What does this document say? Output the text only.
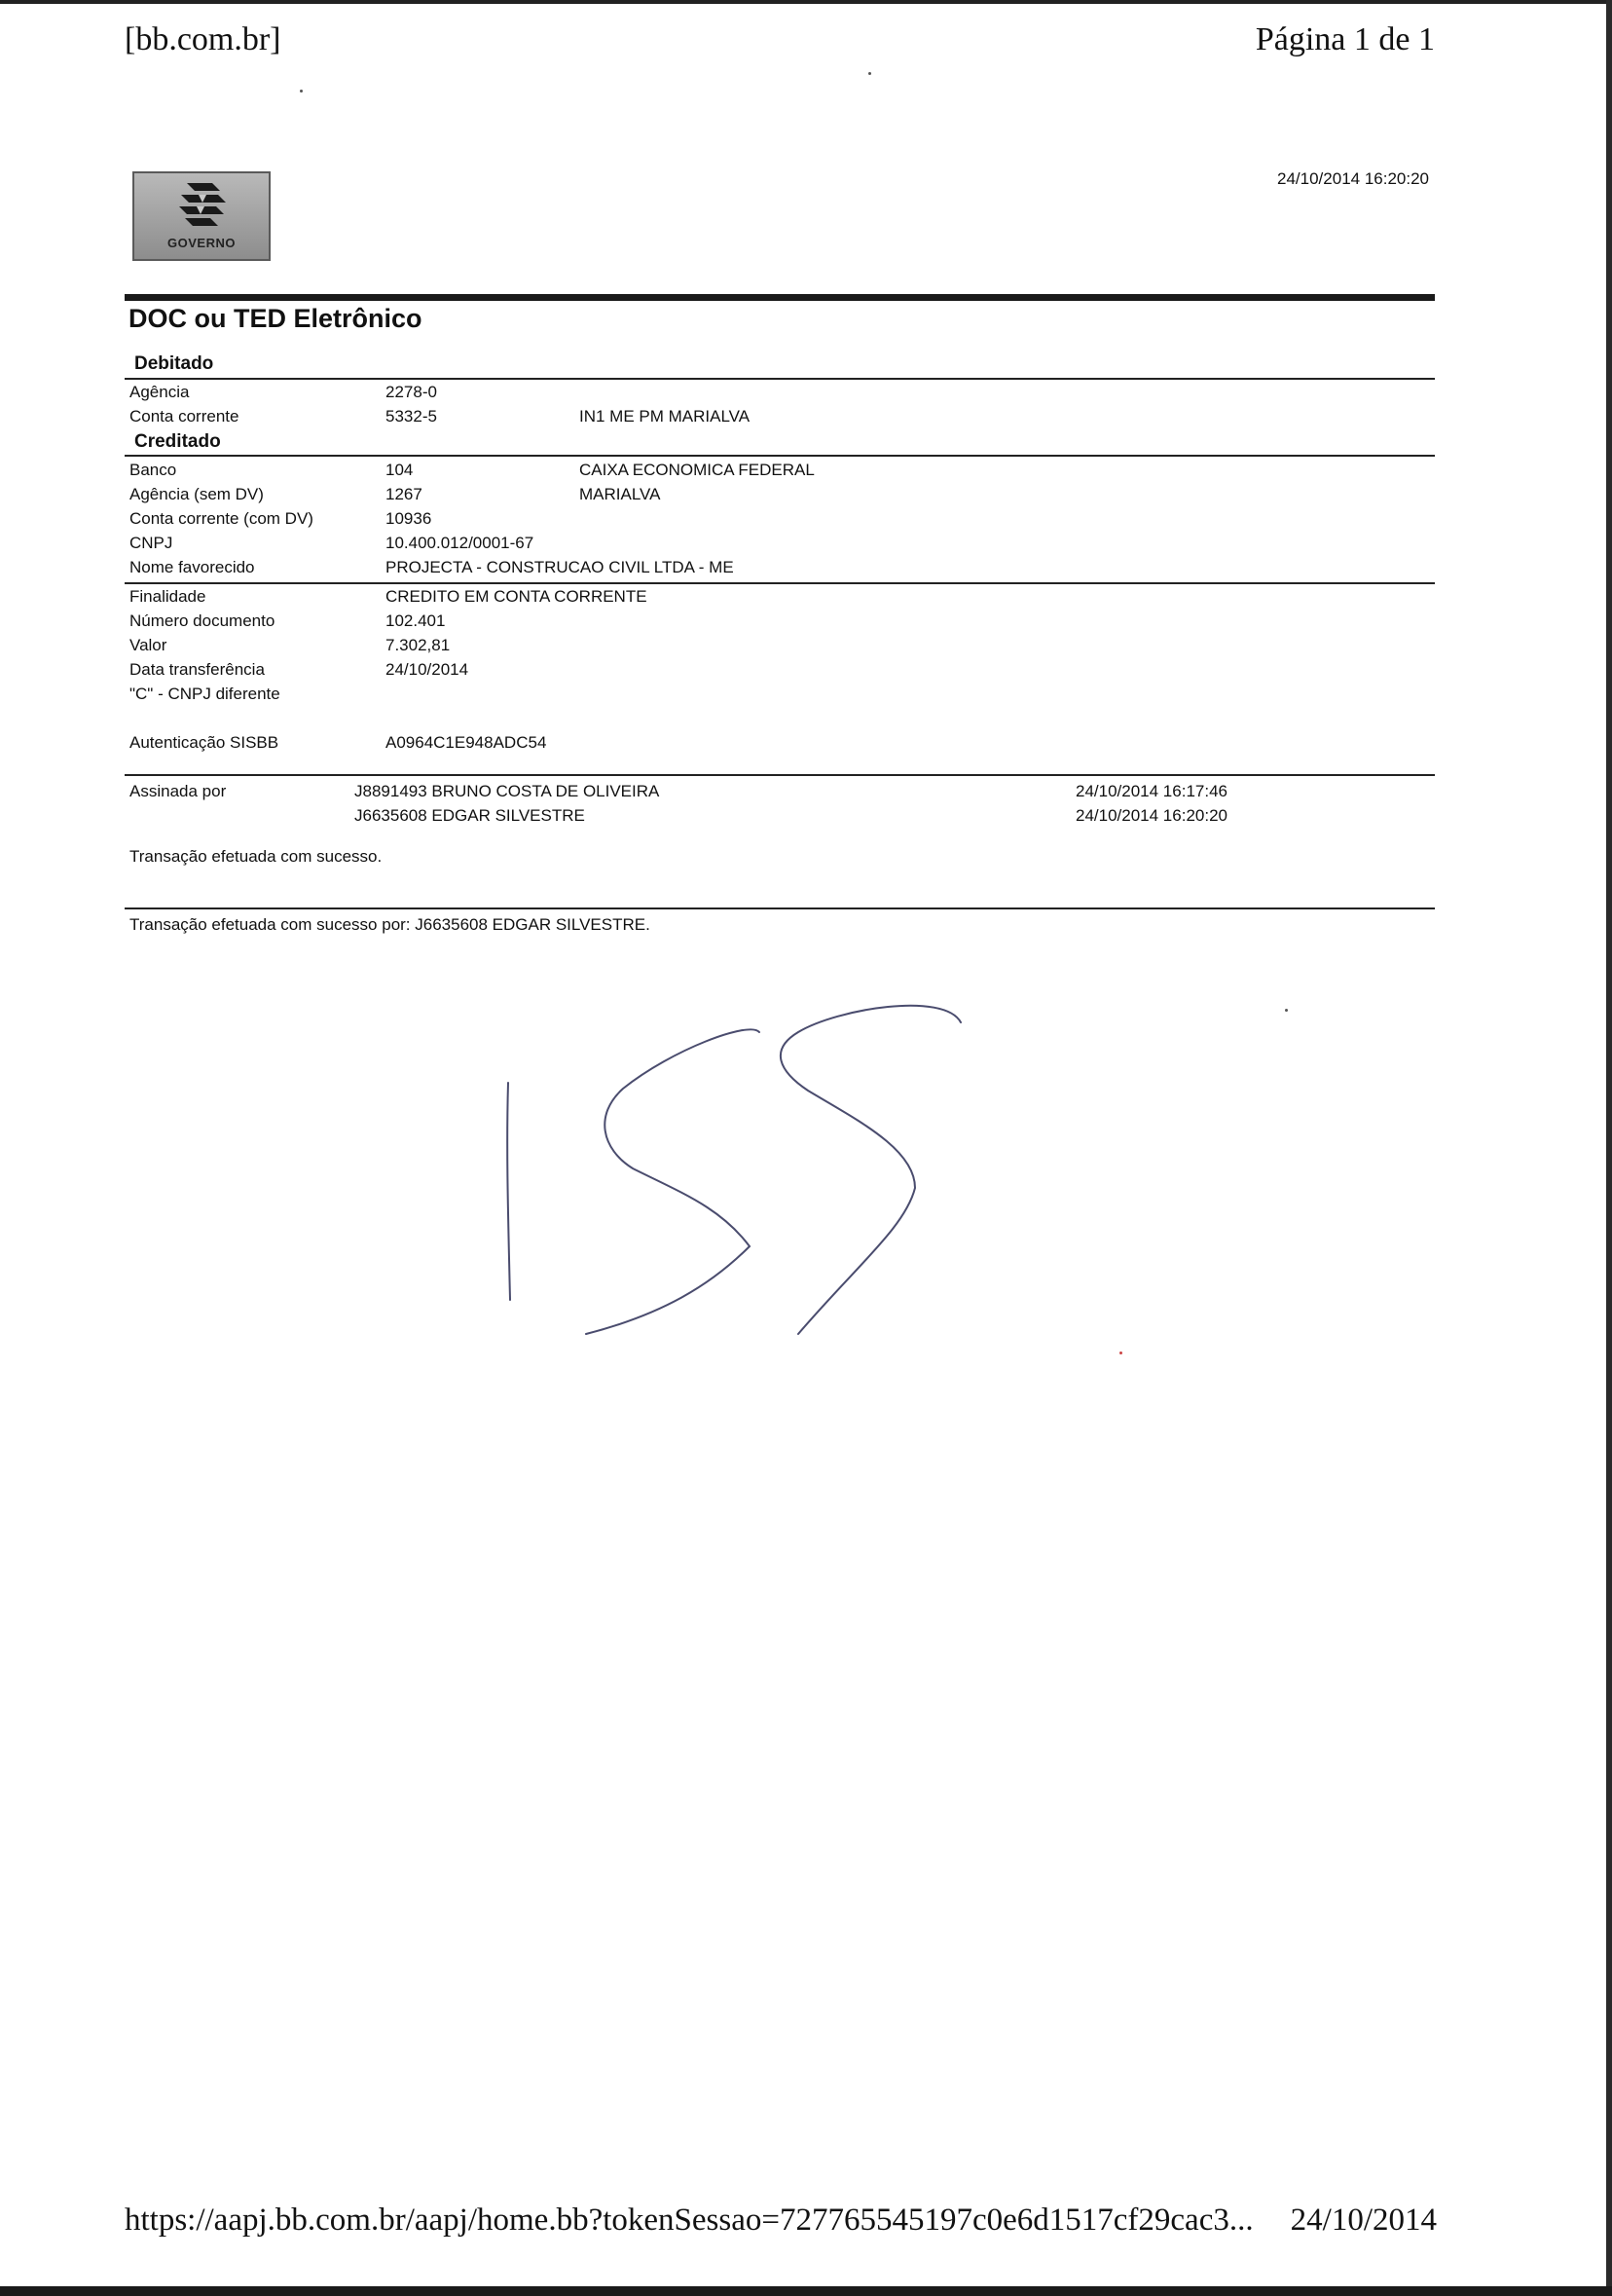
[bb.com.br]	Página 1 de 1
GOVERNO
24/10/2014 16:20:20
DOC ou TED Eletrônico
Debitado
Agência	2278-0
Conta corrente	5332-5	IN1 ME PM MARIALVA
Creditado
Banco	104	CAIXA ECONOMICA FEDERAL
Agência (sem DV)	1267	MARIALVA
Conta corrente (com DV)	10936
CNPJ	10.400.012/0001-67
Nome favorecido	PROJECTA - CONSTRUCAO CIVIL LTDA - ME
Finalidade	CREDITO EM CONTA CORRENTE
Número documento	102.401
Valor	7.302,81
Data transferência	24/10/2014
"C" - CNPJ diferente
Autenticação SISBB	A0964C1E948ADC54
Assinada por	J8891493 BRUNO COSTA DE OLIVEIRA	24/10/2014 16:17:46
J6635608 EDGAR SILVESTRE	24/10/2014 16:20:20
Transação efetuada com sucesso.
Transação efetuada com sucesso por: J6635608 EDGAR SILVESTRE.
https://aapj.bb.com.br/aapj/home.bb?tokenSessao=727765545197c0e6d1517cf29cac3... 24/10/2014
